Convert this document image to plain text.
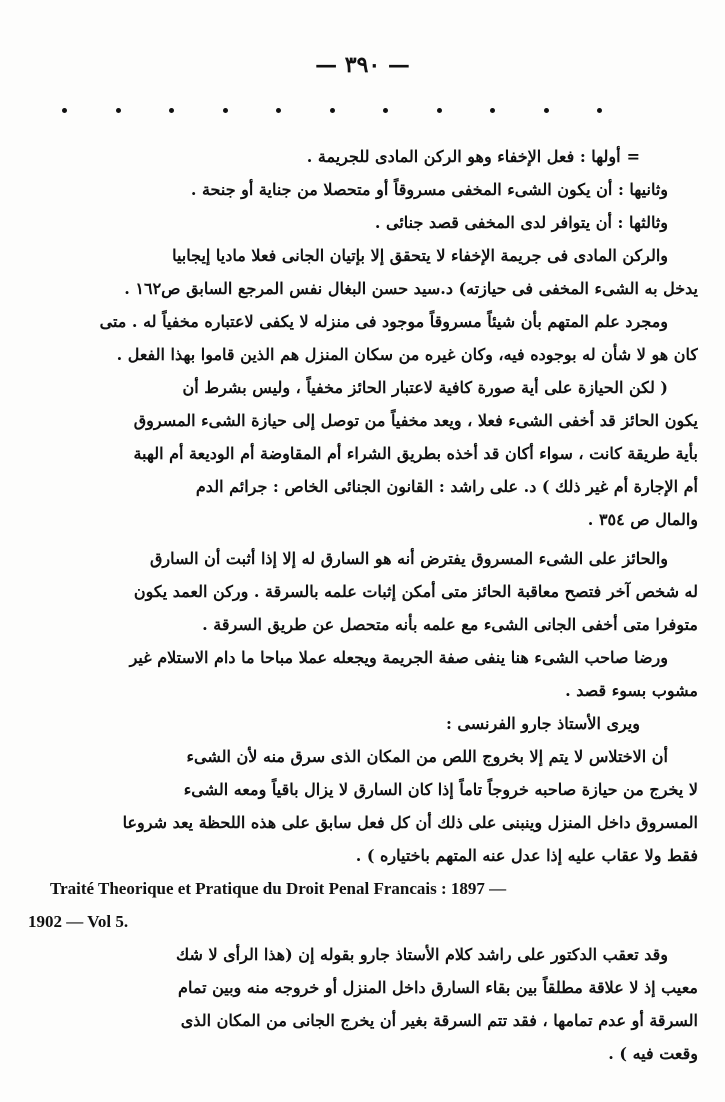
— ٣٩٠ —
=أولها : فعل الإخفاء وهو الركن المادى للجريمة .
وثانيها : أن يكون الشىء المخفى مسروقاً أو متحصلا من جناية أو جنحة .
وثالثها : أن يتوافر لدى المخفى قصد جنائى .
والركن المادى فى جريمة الإخفاء لا يتحقق إلا بإتيان الجانى فعلا ماديا إيجابيا
يدخل به الشىء المخفى فى حيازته) د.سيد حسن البغال نفس المرجع السابق ص١٦٢ .
ومجرد علم المتهم بأن شيئاً مسروقاً موجود فى منزله لا يكفى لاعتباره مخفياً له . متى
كان هو لا شأن له بوجوده فيه، وكان غيره من سكان المنزل هم الذين قاموا بهذا الفعل .
( لكن الحيازة على أية صورة كافية لاعتبار الحائز مخفياً ، وليس بشرط أن
يكون الحائز قد أخفى الشىء فعلا ، ويعد مخفياً من توصل إلى حيازة الشىء المسروق
بأية طريقة كانت ، سواء أكان قد أخذه بطريق الشراء أم المقاوضة أم الوديعة أم الهبة
أم الإجارة أم غير ذلك ) د. على راشد : القانون الجنائى الخاص : جرائم الدم
والمال ص ٣٥٤ .
والحائز على الشىء المسروق يفترض أنه هو السارق له إلا إذا أثبت أن السارق
له شخص آخر فتصح معاقبة الحائز متى أمكن إثبات علمه بالسرقة . وركن العمد يكون
متوفرا متى أخفى الجانى الشىء مع علمه بأنه متحصل عن طريق السرقة .
ورضا صاحب الشىء هنا ينفى صفة الجريمة ويجعله عملا مباحا ما دام الاستلام غير
مشوب بسوء قصد .
ويرى الأستاذ جارو الفرنسى :
أن الاختلاس لا يتم إلا بخروج اللص من المكان الذى سرق منه لأن الشىء
لا يخرج من حيازة صاحبه خروجاً تاماً إذا كان السارق لا يزال باقياً ومعه الشىء
المسروق داخل المنزل وينبنى على ذلك أن كل فعل سابق على هذه اللحظة يعد شروعا
فقط ولا عقاب عليه إذا عدل عنه المتهم باختياره ) .
Traité Theorique et Pratique du Droit Penal Francais : 1897 —
1902 — Vol 5.
وقد تعقب الدكتور على راشد كلام الأستاذ جارو بقوله إن (هذا الرأى لا شك
معيب إذ لا علاقة مطلقاً بين بقاء السارق داخل المنزل أو خروجه منه وبين تمام
السرقة أو عدم تمامها ، فقد تتم السرقة بغير أن يخرج الجانى من المكان الذى
وقعت فيه ) .
